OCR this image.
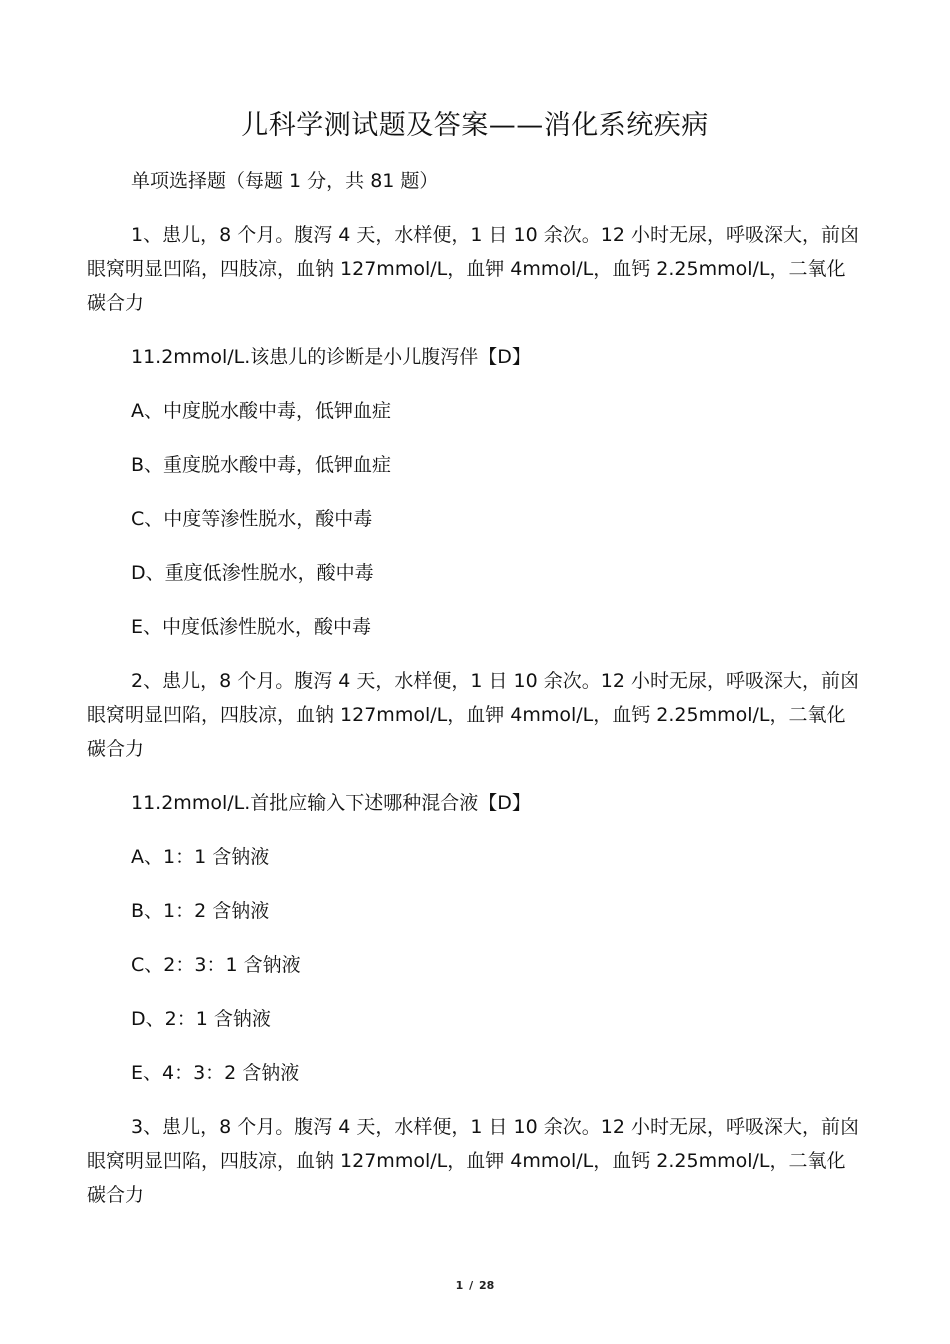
儿科学测试题及答案——消化系统疾病

单项选择题（每题 1 分，共 81 题）

1、患儿，8 个月。腹泻 4 天，水样便，1 日 10 余次。12 小时无尿，呼吸深大，前囟眼窝明显凹陷，四肢凉，血钠 127mmol/L，血钾 4mmol/L，血钙 2.25mmol/L，二氧化碳合力

11.2mmol/L.该患儿的诊断是小儿腹泻伴【D】

A、中度脱水酸中毒，低钾血症

B、重度脱水酸中毒，低钾血症

C、中度等渗性脱水，酸中毒

D、重度低渗性脱水，酸中毒

E、中度低渗性脱水，酸中毒

2、患儿，8 个月。腹泻 4 天，水样便，1 日 10 余次。12 小时无尿，呼吸深大，前囟眼窝明显凹陷，四肢凉，血钠 127mmol/L，血钾 4mmol/L，血钙 2.25mmol/L，二氧化碳合力

11.2mmol/L.首批应输入下述哪种混合液【D】

A、1：1 含钠液

B、1：2 含钠液

C、2：3：1 含钠液

D、2：1 含钠液

E、4：3：2 含钠液

3、患儿，8 个月。腹泻 4 天，水样便，1 日 10 余次。12 小时无尿，呼吸深大，前囟眼窝明显凹陷，四肢凉，血钠 127mmol/L，血钾 4mmol/L，血钙 2.25mmol/L，二氧化碳合力

1 / 28
